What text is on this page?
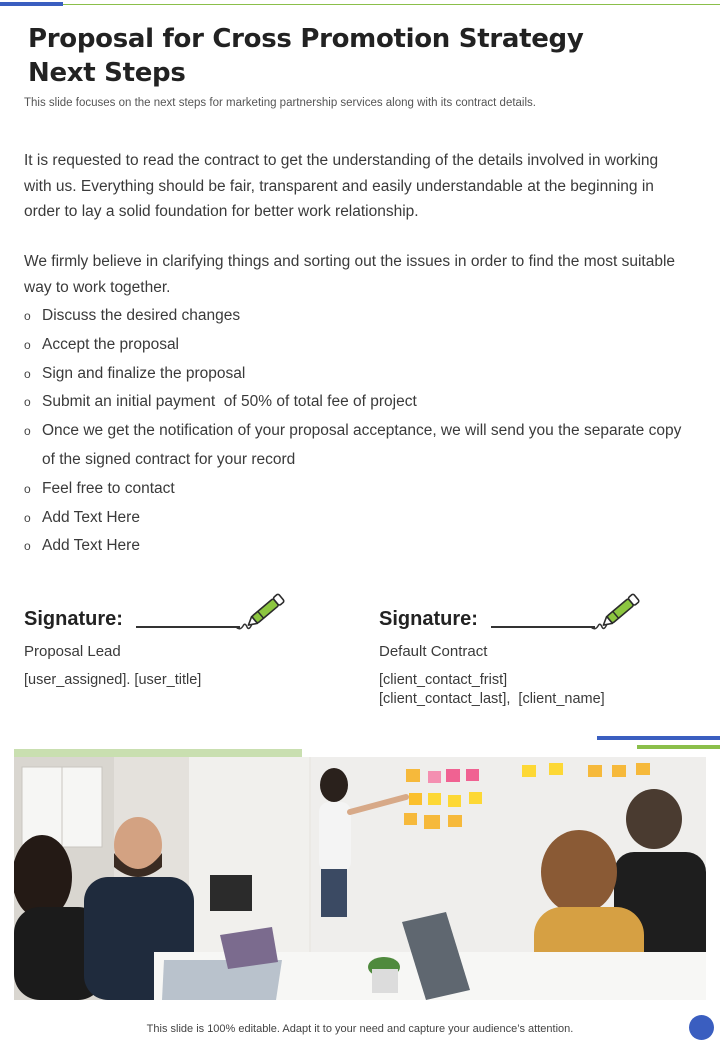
Proposal for Cross Promotion Strategy
Next Steps

This slide focuses on the next steps for marketing partnership services along with its contract details.

It is requested to read the contract to get the understanding of the details involved in working with us. Everything should be fair, transparent and easily understandable at the beginning in order to lay a solid foundation for better work relationship.

We firmly believe in clarifying things and sorting out the issues in order to find the most suitable way to work together.

o Discuss the desired changes
o Accept the proposal
o Sign and finalize the proposal
o Submit an initial payment  of 50% of total fee of project
o Once we get the notification of your proposal acceptance, we will send you the separate copy of the signed contract for your record
o Feel free to contact
o Add Text Here
o Add Text Here
Signature:
Proposal Lead
[user_assigned]. [user_title]
Signature:
Default Contract
[client_contact_frist]
[client_contact_last],  [client_name]

This slide is 100% editable. Adapt it to your need and capture your audience’s attention.
